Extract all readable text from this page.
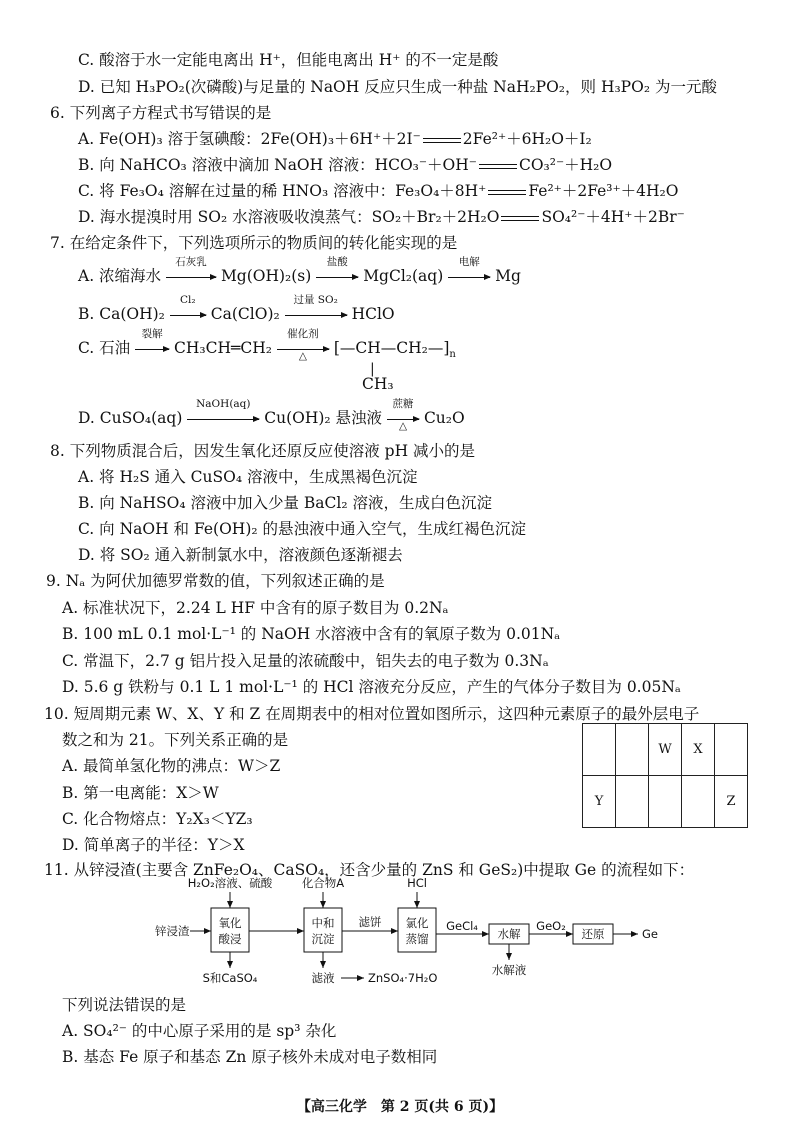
C. 酸溶于水一定能电离出 H⁺，但能电离出 H⁺ 的不一定是酸
D. 已知 H₃PO₂(次磷酸)与足量的 NaOH 反应只生成一种盐 NaH₂PO₂，则 H₃PO₂ 为一元酸
6. 下列离子方程式书写错误的是
A. Fe(OH)₃ 溶于氢碘酸：2Fe(OH)₃＋6H⁺＋2I⁻	2Fe²⁺＋6H₂O＋I₂
B. 向 NaHCO₃ 溶液中滴加 NaOH 溶液：HCO₃⁻＋OH⁻	CO₃²⁻＋H₂O
C. 将 Fe₃O₄ 溶解在过量的稀 HNO₃ 溶液中：Fe₃O₄＋8H⁺	Fe²⁺＋2Fe³⁺＋4H₂O
D. 海水提溴时用 SO₂ 水溶液吸收溴蒸气：SO₂＋Br₂＋2H₂O	SO₄²⁻＋4H⁺＋2Br⁻
7. 在给定条件下，下列选项所示的物质间的转化能实现的是
A. 浓缩海水
石灰乳
Mg(OH)₂(s)
盐酸
MgCl₂(aq)
电解
Mg
B. Ca(OH)₂
Cl₂
Ca(ClO)₂
过量 SO₂
HClO
C. 石油
裂解
CH₃CH═CH₂
催化剂
△	$[—CH—CH_2—]_n$
|
CH₃
D. CuSO₄(aq)
NaOH(aq)
Cu(OH)₂ 悬浊液
蔗糖
△	Cu₂O
8. 下列物质混合后，因发生氧化还原反应使溶液 pH 减小的是
A. 将 H₂S 通入 CuSO₄ 溶液中，生成黑褐色沉淀
B. 向 NaHSO₄ 溶液中加入少量 BaCl₂ 溶液，生成白色沉淀
C. 向 NaOH 和 Fe(OH)₂ 的悬浊液中通入空气，生成红褐色沉淀
D. 将 SO₂ 通入新制氯水中，溶液颜色逐渐褪去
9. Nₐ 为阿伏加德罗常数的值，下列叙述正确的是
A. 标准状况下，2.24 L HF 中含有的原子数目为 0.2Nₐ
B. 100 mL 0.1 mol·L⁻¹ 的 NaOH 水溶液中含有的氧原子数为 0.01Nₐ
C. 常温下，2.7 g 铝片投入足量的浓硫酸中，铝失去的电子数为 0.3Nₐ
D. 5.6 g 铁粉与 0.1 L 1 mol·L⁻¹ 的 HCl 溶液充分反应，产生的气体分子数目为 0.05Nₐ
10. 短周期元素 W、X、Y 和 Z 在周期表中的相对位置如图所示，这四种元素原子的最外层电子
数之和为 21。下列关系正确的是
A. 最简单氢化物的沸点：W＞Z
B. 第一电离能：X＞W
C. 化合物熔点：Y₂X₃＜YZ₃
D. 简单离子的半径：Y＞X
		W	X	
Y				Z
11. 从锌浸渣(主要含 ZnFe₂O₄、CaSO₄，还含少量的 ZnS 和 GeS₂)中提取 Ge 的流程如下：
H₂O₂溶液、硫酸	化合物A	HCl
锌浸渣
氧化
酸浸
中和
沉淀
氯化
蒸馏	水解	还原
滤饼	GeCl₄	GeO₂
Ge
S和CaSO₄	滤液	ZnSO₄·7H₂O
水解液
下列说法错误的是
A. SO₄²⁻ 的中心原子采用的是 sp³ 杂化
B. 基态 Fe 原子和基态 Zn 原子核外未成对电子数相同
【高三化学　第 2 页(共 6 页)】
